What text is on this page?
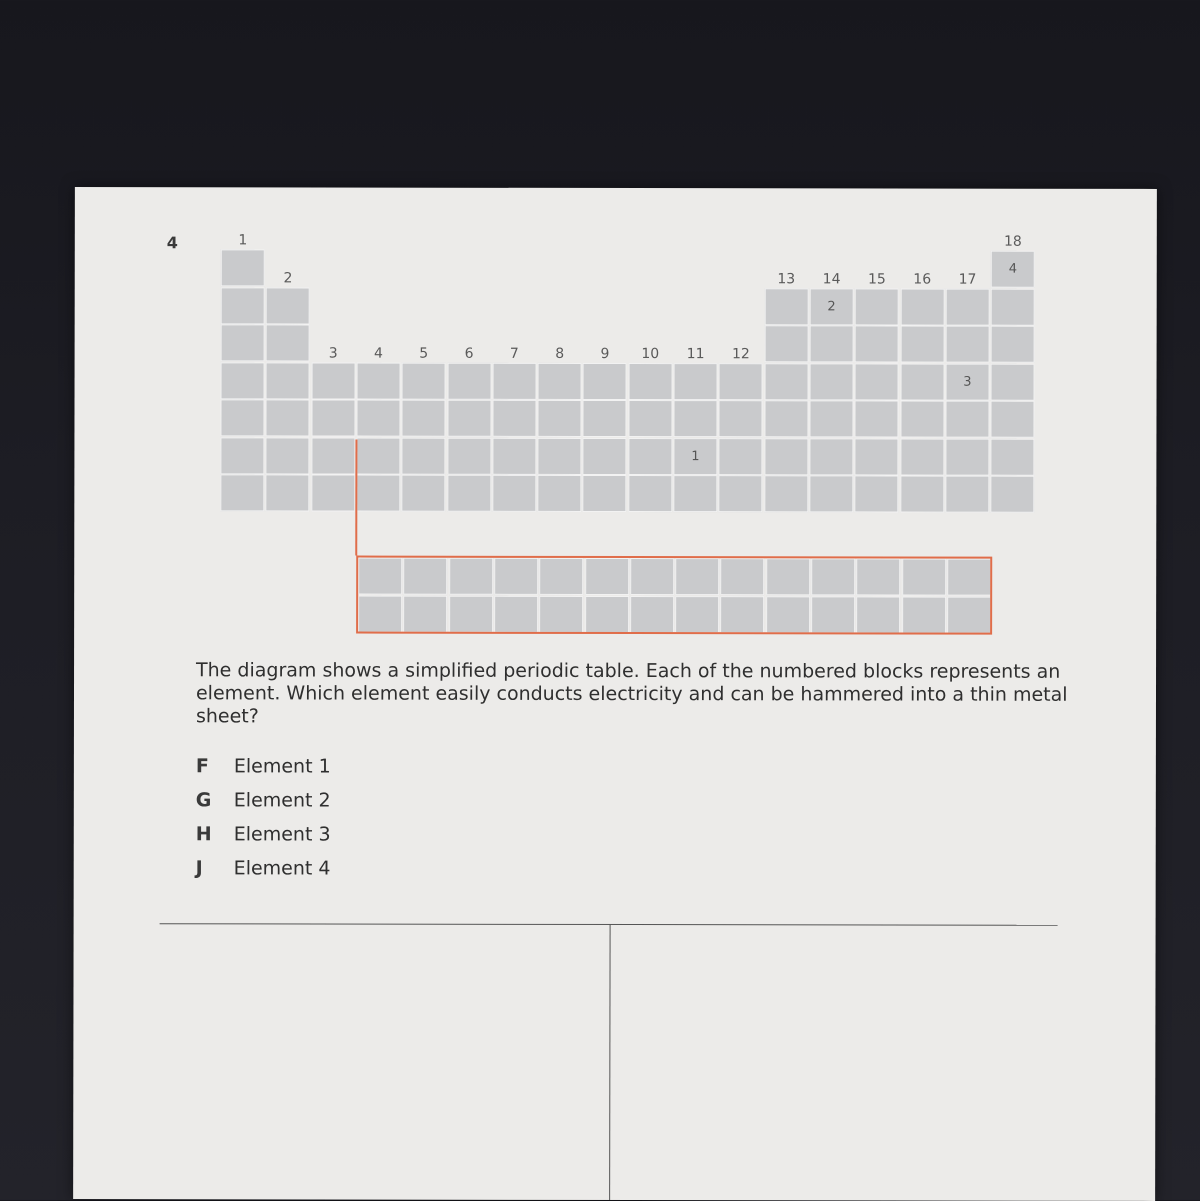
4
4
2
3
1
1
2
3	4	5	6	7	8	9	10	11	12
13	14	15	16	17
18
The diagram shows a simplified periodic table. Each of the numbered blocks represents an element. Which element easily conducts electricity and can be hammered into a thin metal sheet?
F Element 1
G Element 2
H Element 3
J Element 4
